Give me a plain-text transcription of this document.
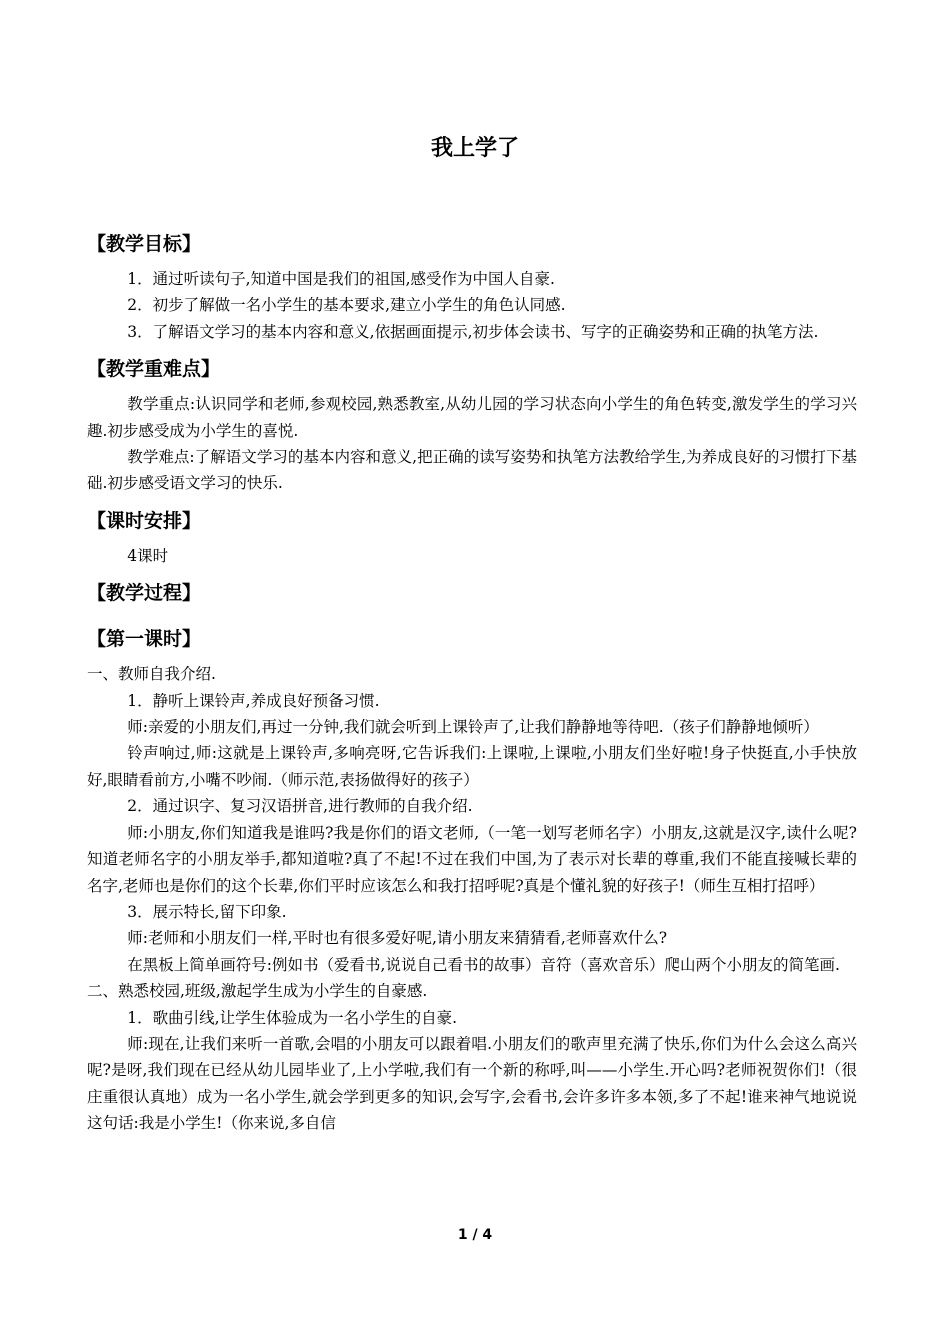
我上学了
【教学目标】

1．通过听读句子,知道中国是我们的祖国,感受作为中国人自豪.

2．初步了解做一名小学生的基本要求,建立小学生的角色认同感.

3．了解语文学习的基本内容和意义,依据画面提示,初步体会读书、写字的正确姿势和正确的执笔方法.

【教学重难点】

教学重点:认识同学和老师,参观校园,熟悉教室,从幼儿园的学习状态向小学生的角色转变,激发学生的学习兴趣.初步感受成为小学生的喜悦.

教学难点:了解语文学习的基本内容和意义,把正确的读写姿势和执笔方法教给学生,为养成良好的习惯打下基础.初步感受语文学习的快乐.

【课时安排】

4课时

【教学过程】
【第一课时】

一、教师自我介绍.

1．静听上课铃声,养成良好预备习惯.

师:亲爱的小朋友们,再过一分钟,我们就会听到上课铃声了,让我们静静地等待吧.（孩子们静静地倾听）

铃声响过,师:这就是上课铃声,多响亮呀,它告诉我们:上课啦,上课啦,小朋友们坐好啦!身子快挺直,小手快放好,眼睛看前方,小嘴不吵闹.（师示范,表扬做得好的孩子）

2．通过识字、复习汉语拼音,进行教师的自我介绍.

师:小朋友,你们知道我是谁吗?我是你们的语文老师,（一笔一划写老师名字）小朋友,这就是汉字,读什么呢?知道老师名字的小朋友举手,都知道啦?真了不起!不过在我们中国,为了表示对长辈的尊重,我们不能直接喊长辈的名字,老师也是你们的这个长辈,你们平时应该怎么和我打招呼呢?真是个懂礼貌的好孩子!（师生互相打招呼）

3．展示特长,留下印象.

师:老师和小朋友们一样,平时也有很多爱好呢,请小朋友来猜猜看,老师喜欢什么?

在黑板上简单画符号:例如书（爱看书,说说自己看书的故事）音符（喜欢音乐）爬山两个小朋友的简笔画.

二、熟悉校园,班级,激起学生成为小学生的自豪感.

1．歌曲引线,让学生体验成为一名小学生的自豪.

师:现在,让我们来听一首歌,会唱的小朋友可以跟着唱.小朋友们的歌声里充满了快乐,你们为什么会这么高兴呢?是呀,我们现在已经从幼儿园毕业了,上小学啦,我们有一个新的称呼,叫——小学生.开心吗?老师祝贺你们!（很庄重很认真地）成为一名小学生,就会学到更多的知识,会写字,会看书,会许多许多本领,多了不起!谁来神气地说说这句话:我是小学生!（你来说,多自信

1 / 4
